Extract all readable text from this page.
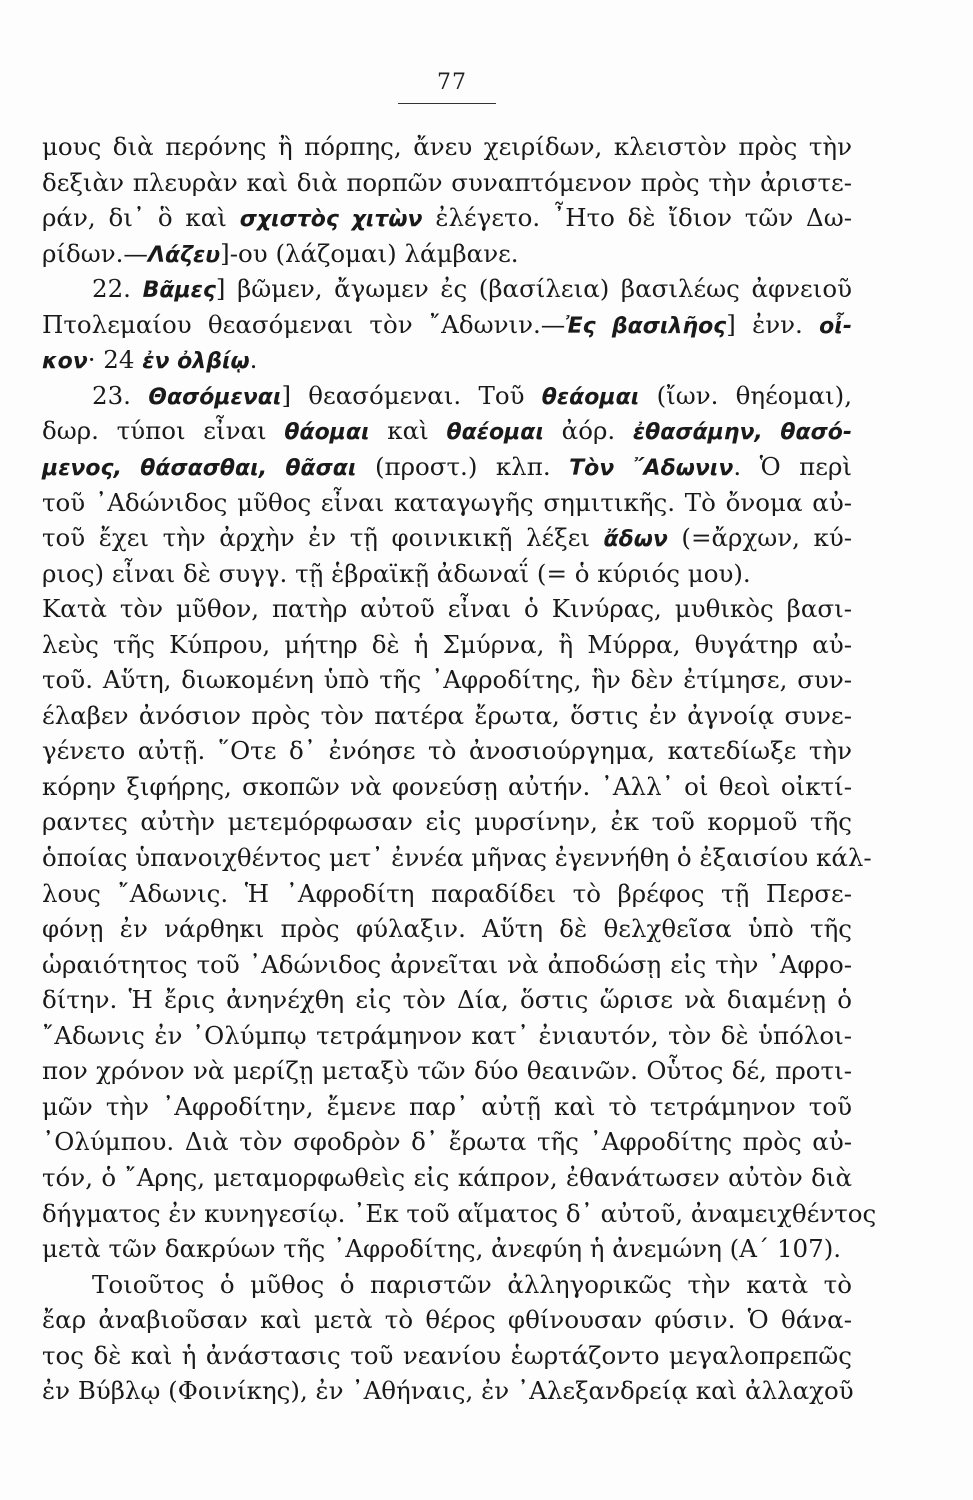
77
μους διὰ περόνης ἢ πόρπης, ἄνευ χειρίδων, κλειστὸν πρὸς τὴν
δεξιὰν πλευρὰν καὶ διὰ πορπῶν συναπτόμενον πρὸς τὴν ἀριστε-
ράν, δι᾿ ὃ καὶ σχιστὸς χιτὼν ἐλέγετο. ῏Ητο δὲ ἴδιον τῶν Δω-
ρίδων.—Λάζευ]-ου (λάζομαι) λάμβανε.
22. Βᾶμες] βῶμεν, ἄγωμεν ἐς (βασίλεια) βασιλέως ἀφνειοῦ
Πτολεμαίου θεασόμεναι τὸν ῎Αδωνιν.—Ἐς βασιλῆος] ἐνν. οἶ-
κον· 24 ἐν ὀλβίῳ.
23. Θασόμεναι] θεασόμεναι. Τοῦ θεάομαι (ἴων. θηέομαι),
δωρ. τύποι εἶναι θάομαι καὶ θαέομαι ἀόρ. ἐθασάμην, θασό-
μενος, θάσασθαι, θᾶσαι (προστ.) κλπ. Τὸν ῎Αδωνιν. Ὁ περὶ
τοῦ ᾿Αδώνιδος μῦθος εἶναι καταγωγῆς σημιτικῆς. Τὸ ὄνομα αὐ-
τοῦ ἔχει τὴν ἀρχὴν ἐν τῇ φοινικικῇ λέξει ἄδων (=ἄρχων, κύ-
ριος) εἶναι δὲ συγγ. τῇ ἑβραϊκῇ ἀδωναΐ (= ὁ κύριός μου).
Κατὰ τὸν μῦθον, πατὴρ αὐτοῦ εἶναι ὁ Κινύρας, μυθικὸς βασι-
λεὺς τῆς Κύπρου, μήτηρ δὲ ἡ Σμύρνα, ἢ Μύρρα, θυγάτηρ αὐ-
τοῦ. Αὕτη, διωκομένη ὑπὸ τῆς ᾿Αφροδίτης, ἣν δὲν ἐτίμησε, συν-
έλαβεν ἀνόσιον πρὸς τὸν πατέρα ἔρωτα, ὅστις ἐν ἀγνοίᾳ συνε-
γένετο αὐτῇ. ῞Οτε δ᾿ ἐνόησε τὸ ἀνοσιούργημα, κατεδίωξε τὴν
κόρην ξιφήρης, σκοπῶν νὰ φονεύσῃ αὐτήν. ᾿Αλλ᾿ οἱ θεοὶ οἰκτί-
ραντες αὐτὴν μετεμόρφωσαν εἰς μυρσίνην, ἐκ τοῦ κορμοῦ τῆς
ὁποίας ὑπανοιχθέντος μετ᾿ ἐννέα μῆνας ἐγεννήθη ὁ ἐξαισίου κάλ-
λους ῎Αδωνις. Ἡ ᾿Αφροδίτη παραδίδει τὸ βρέφος τῇ Περσε-
φόνῃ ἐν νάρθηκι πρὸς φύλαξιν. Αὕτη δὲ θελχθεῖσα ὑπὸ τῆς
ὡραιότητος τοῦ ᾿Αδώνιδος ἀρνεῖται νὰ ἀποδώσῃ εἰς τὴν ᾿Αφρο-
δίτην. Ἡ ἔρις ἀνηνέχθη εἰς τὸν Δία, ὅστις ὥρισε νὰ διαμένῃ ὁ
῎Αδωνις ἐν ᾿Ολύμπῳ τετράμηνον κατ᾿ ἐνιαυτόν, τὸν δὲ ὑπόλοι-
πον χρόνον νὰ μερίζῃ μεταξὺ τῶν δύο θεαινῶν. Οὗτος δέ, προτι-
μῶν τὴν ᾿Αφροδίτην, ἔμενε παρ᾿ αὐτῇ καὶ τὸ τετράμηνον τοῦ
᾿Ολύμπου. Διὰ τὸν σφοδρὸν δ᾿ ἔρωτα τῆς ᾿Αφροδίτης πρὸς αὐ-
τόν, ὁ ῎Αρης, μεταμορφωθεὶς εἰς κάπρον, ἐθανάτωσεν αὐτὸν διὰ
δήγματος ἐν κυνηγεσίῳ. ᾿Εκ τοῦ αἵματος δ᾿ αὐτοῦ, ἀναμειχθέντος
μετὰ τῶν δακρύων τῆς ᾿Αφροδίτης, ἀνεφύη ἡ ἀνεμώνη (Α΄ 107).
Τοιοῦτος ὁ μῦθος ὁ παριστῶν ἀλληγορικῶς τὴν κατὰ τὸ
ἔαρ ἀναβιοῦσαν καὶ μετὰ τὸ θέρος φθίνουσαν φύσιν. Ὁ θάνα-
τος δὲ καὶ ἡ ἀνάστασις τοῦ νεανίου ἑωρτάζοντο μεγαλοπρεπῶς
ἐν Βύβλῳ (Φοινίκης), ἐν ᾿Αθήναις, ἐν ᾿Αλεξανδρείᾳ καὶ ἀλλαχοῦ
